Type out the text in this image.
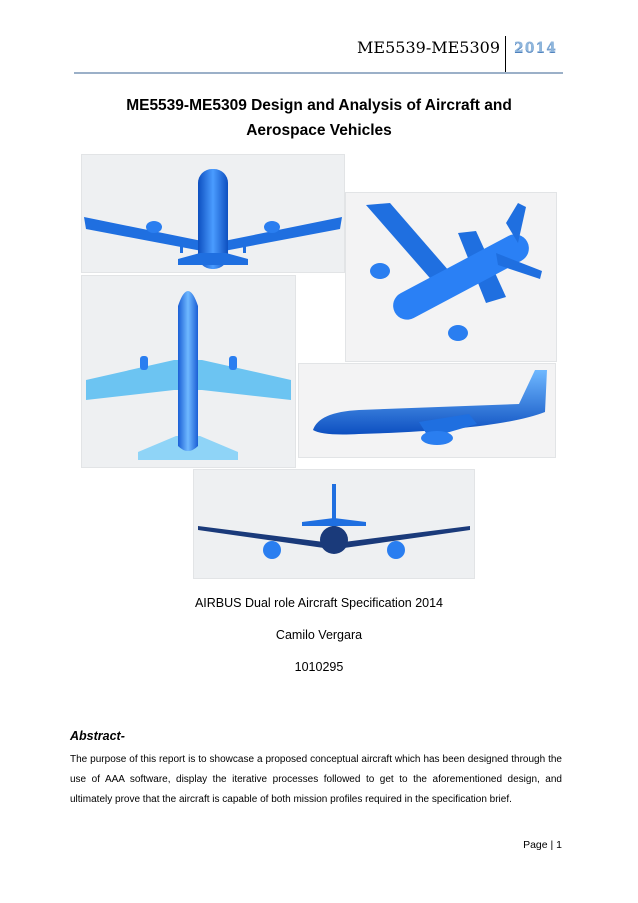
ME5539-ME5309 2014
ME5539-ME5309 Design and Analysis of Aircraft and
Aerospace Vehicles
AIRBUS Dual role Aircraft Specification 2014
Camilo Vergara
1010295
Abstract-
The purpose of this report is to showcase a proposed conceptual aircraft which has been designed through the use of AAA software, display the iterative processes followed to get to the aforementioned design, and ultimately prove that the aircraft is capable of both mission profiles required in the specification brief.
Page | 1
